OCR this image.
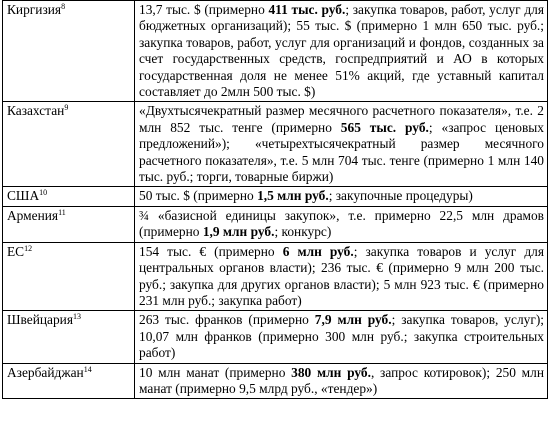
Киргизия$^8$	13,7 тыс. $ (примерно 411 тыс. руб.; закупка товаров, работ, услуг для бюджетных организаций); 55 тыс. $ (примерно 1 млн 650 тыс. руб.; закупка товаров, работ, услуг для организаций и фондов, созданных за счет государственных средств, госпредприятий и АО в которых государственная доля не менее 51% акций, где уставный капитал составляет до 2млн 500 тыс. $)
Казахстан$^9$	«Двухтысячекратный размер месячного расчетного показателя», т.е. 2 млн 852 тыс. тенге (примерно 565 тыс. руб.; «запрос ценовых предложений»); «четырехтысячекратный размер месячного расчетного показателя», т.е. 5 млн 704 тыс. тенге (примерно 1 млн 140 тыс. руб.; торги, товарные биржи)
США$^{10}$	50 тыс. $ (примерно 1,5 млн руб.; закупочные процедуры)
Армения$^{11}$	¾ «базисной единицы закупок», т.е. примерно 22,5 млн драмов (примерно 1,9 млн руб.; конкурс)
ЕС$^{12}$	154 тыс. € (примерно 6 млн руб.; закупка товаров и услуг для центральных органов власти); 236 тыс. € (примерно 9 млн 200 тыс. руб.; закупка для других органов власти); 5 млн 923 тыс. € (примерно 231 млн руб.; закупка работ)
Швейцария$^{13}$	263 тыс. франков (примерно 7,9 млн руб.; закупка товаров, услуг); 10,07 млн франков (примерно 300 млн руб.; закупка строительных работ)
Азербайджан$^{14}$	10 млн манат (примерно 380 млн руб., запрос котировок); 250 млн манат (примерно 9,5 млрд руб., «тендер»)
